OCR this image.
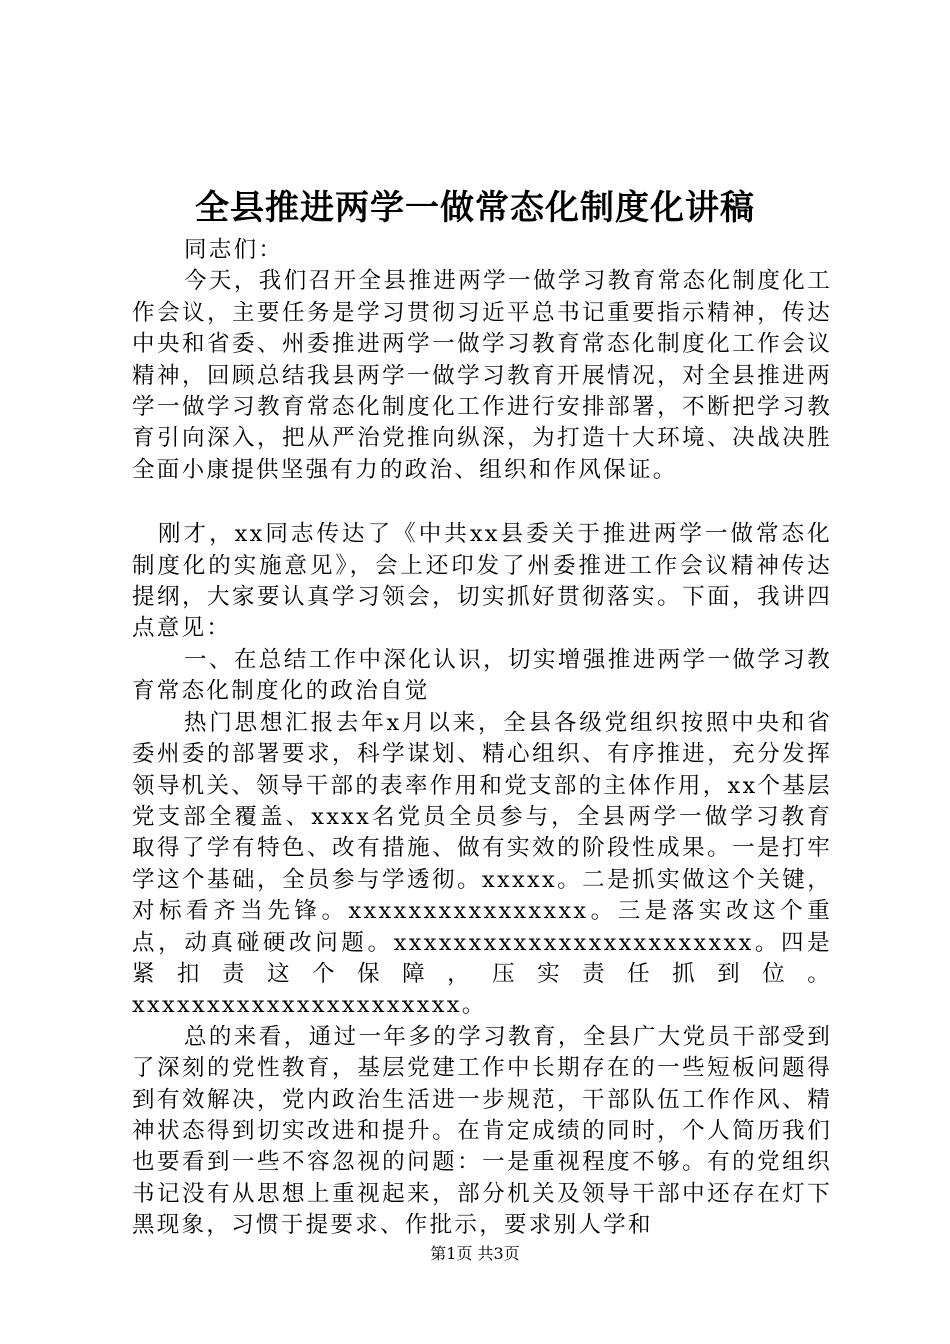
全县推进两学一做常态化制度化讲稿

同志们：

今天，我们召开全县推进两学一做学习教育常态化制度化工作会议，主要任务是学习贯彻习近平总书记重要指示精神，传达中央和省委、州委推进两学一做学习教育常态化制度化工作会议精神，回顾总结我县两学一做学习教育开展情况，对全县推进两学一做学习教育常态化制度化工作进行安排部署，不断把学习教育引向深入，把从严治党推向纵深，为打造十大环境、决战决胜全面小康提供坚强有力的政治、组织和作风保证。

刚才，xx同志传达了《中共xx县委关于推进两学一做常态化制度化的实施意见》，会上还印发了州委推进工作会议精神传达提纲，大家要认真学习领会，切实抓好贯彻落实。下面，我讲四点意见：

一、在总结工作中深化认识，切实增强推进两学一做学习教育常态化制度化的政治自觉

热门思想汇报去年x月以来，全县各级党组织按照中央和省委州委的部署要求，科学谋划、精心组织、有序推进，充分发挥领导机关、领导干部的表率作用和党支部的主体作用，xx个基层党支部全覆盖、xxxx名党员全员参与，全县两学一做学习教育取得了学有特色、改有措施、做有实效的阶段性成果。一是打牢学这个基础，全员参与学透彻。xxxxx。二是抓实做这个关键，对标看齐当先锋。xxxxxxxxxxxxxxxx。三是落实改这个重点，动真碰硬改问题。xxxxxxxxxxxxxxxxxxxxxxxx。四是紧扣责这个保障，压实责任抓到位。xxxxxxxxxxxxxxxxxxxxxx。

总的来看，通过一年多的学习教育，全县广大党员干部受到了深刻的党性教育，基层党建工作中长期存在的一些短板问题得到有效解决，党内政治生活进一步规范，干部队伍工作作风、精神状态得到切实改进和提升。在肯定成绩的同时，个人简历我们也要看到一些不容忽视的问题：一是重视程度不够。有的党组织书记没有从思想上重视起来，部分机关及领导干部中还存在灯下黑现象，习惯于提要求、作批示，要求别人学和

第1页 共3页
